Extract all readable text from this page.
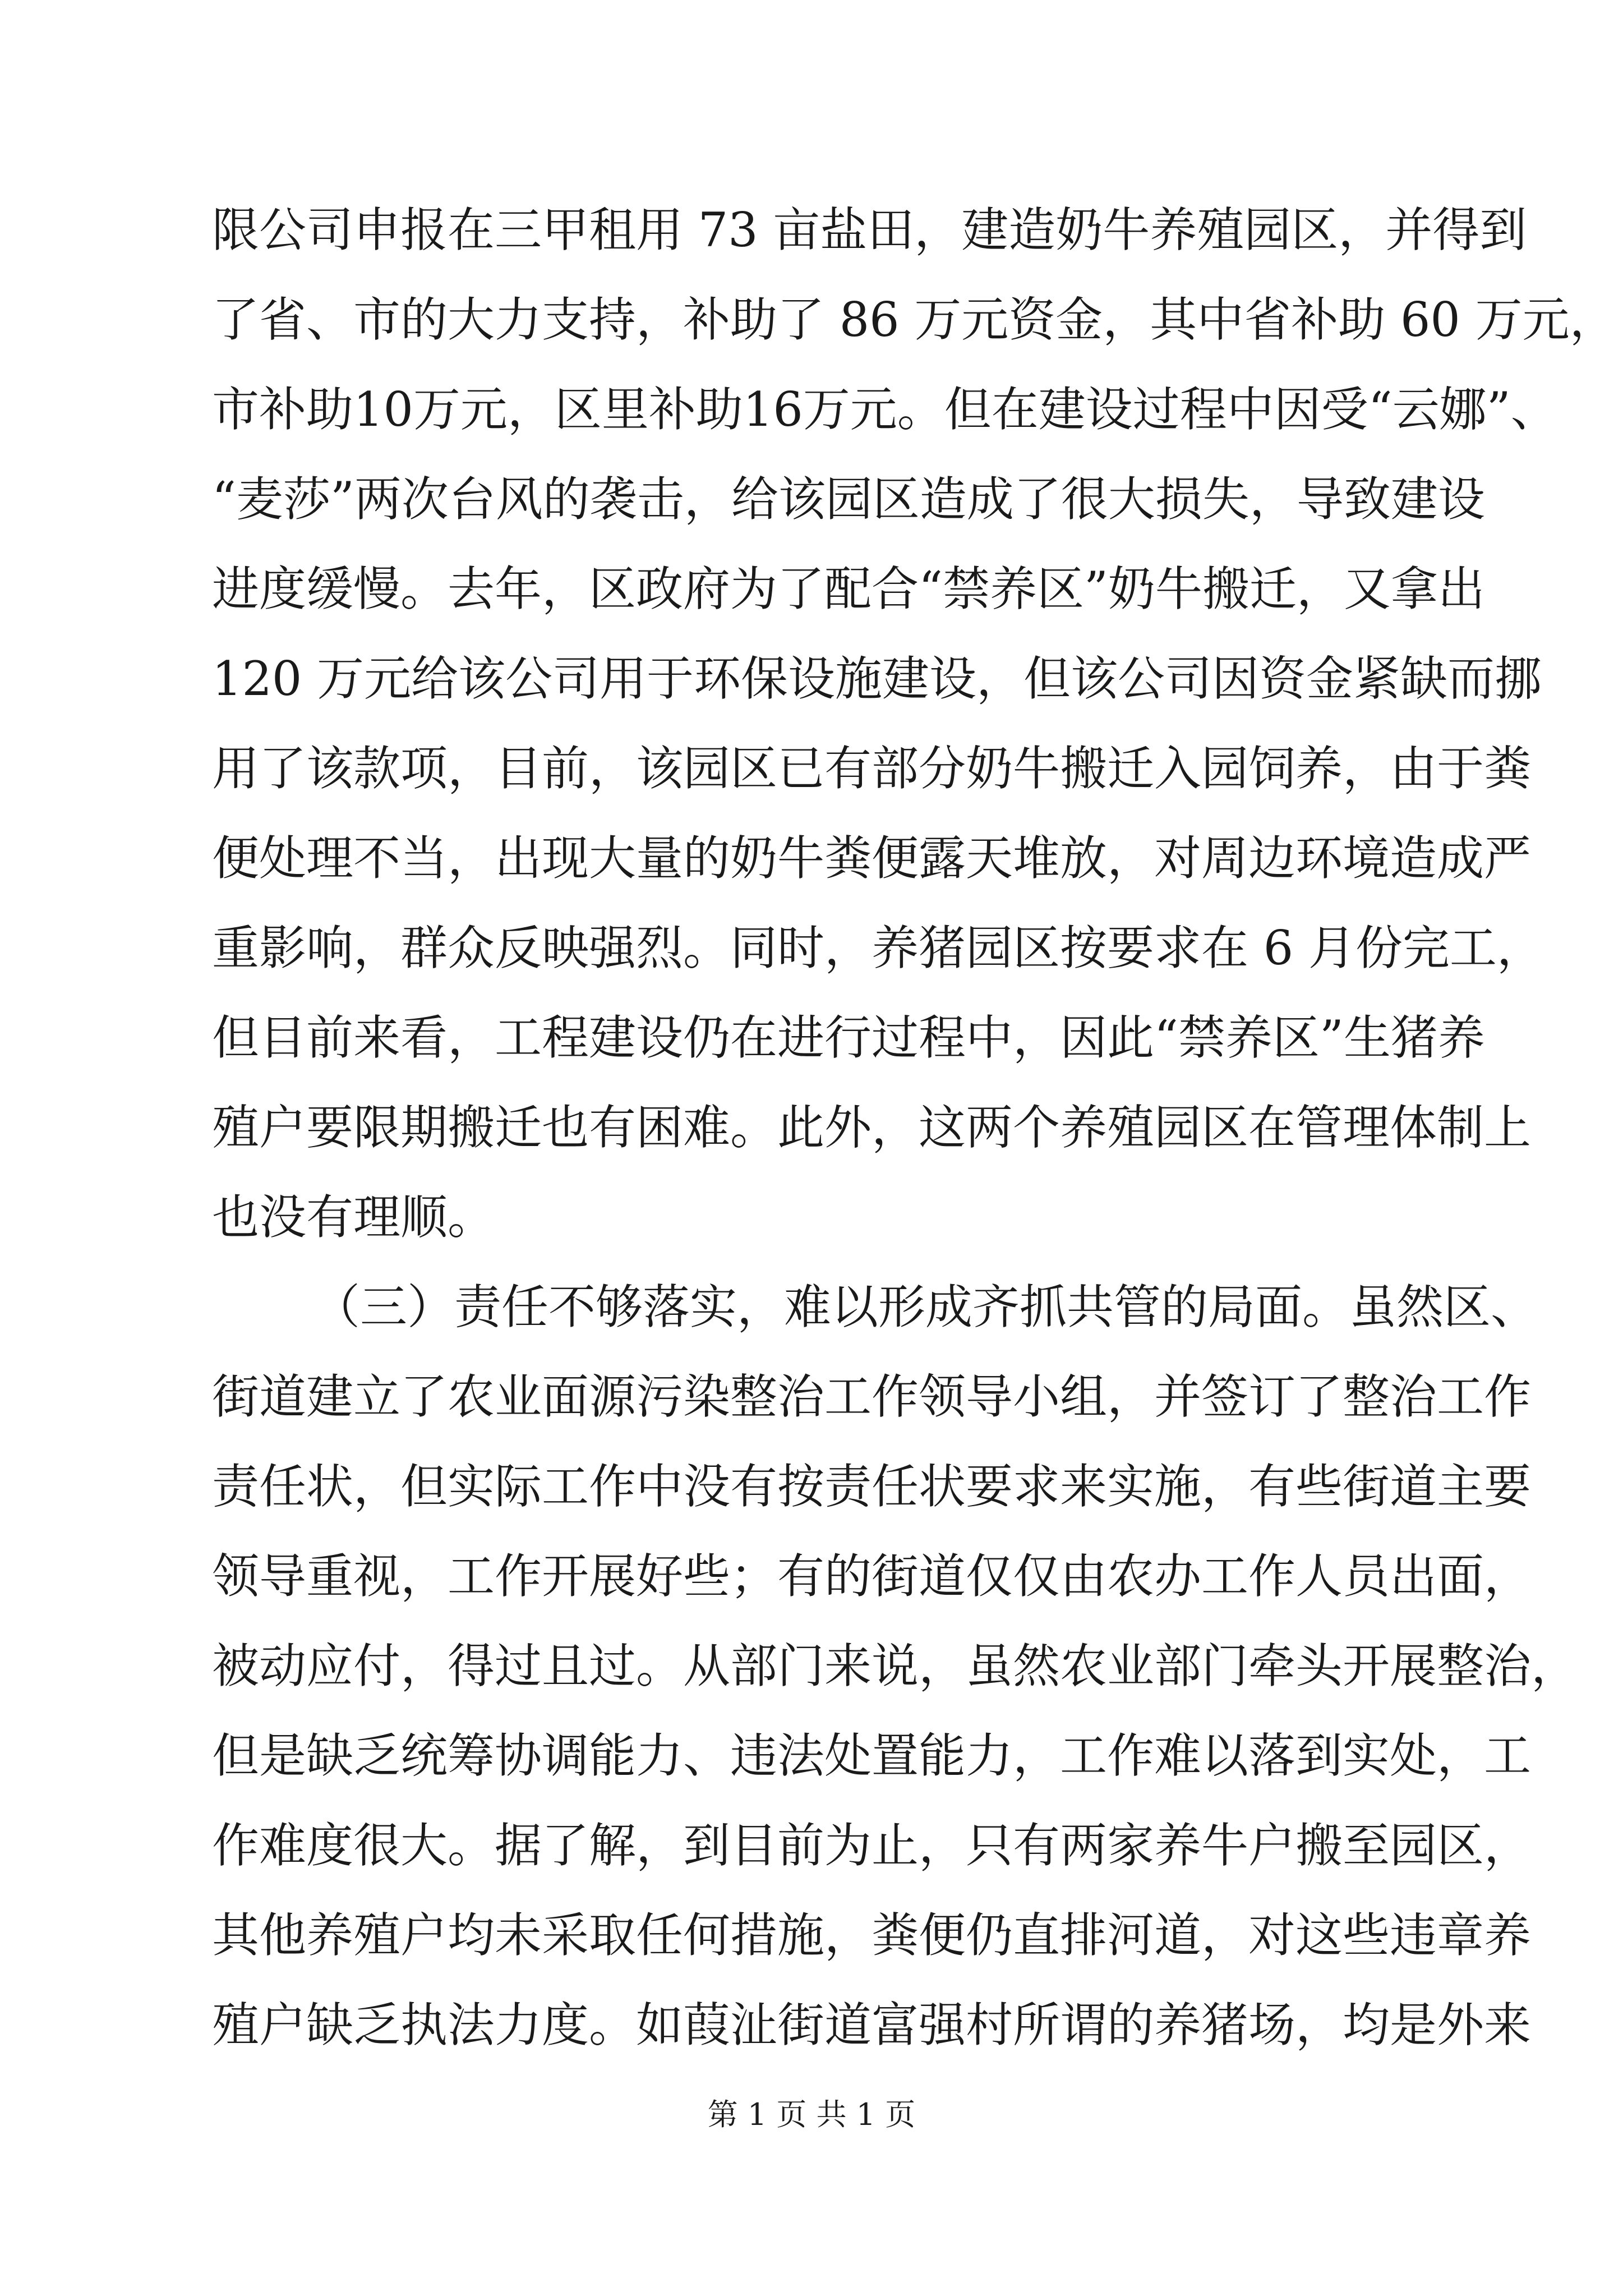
限公司申报在三甲租用 73 亩盐田，建造奶牛养殖园区，并得到
了省、市的大力支持，补助了 86 万元资金，其中省补助 60 万元，
市补助10万元，区里补助16万元。但在建设过程中因受“云娜”、
“麦莎”两次台风的袭击，给该园区造成了很大损失，导致建设
进度缓慢。去年，区政府为了配合“禁养区”奶牛搬迁，又拿出
120 万元给该公司用于环保设施建设，但该公司因资金紧缺而挪
用了该款项，目前，该园区已有部分奶牛搬迁入园饲养，由于粪
便处理不当，出现大量的奶牛粪便露天堆放，对周边环境造成严
重影响，群众反映强烈。同时，养猪园区按要求在 6 月份完工，
但目前来看，工程建设仍在进行过程中，因此“禁养区”生猪养
殖户要限期搬迁也有困难。此外，这两个养殖园区在管理体制上
也没有理顺。
（三）责任不够落实，难以形成齐抓共管的局面。虽然区、
街道建立了农业面源污染整治工作领导小组，并签订了整治工作
责任状，但实际工作中没有按责任状要求来实施，有些街道主要
领导重视，工作开展好些；有的街道仅仅由农办工作人员出面，
被动应付，得过且过。从部门来说，虽然农业部门牵头开展整治，
但是缺乏统筹协调能力、违法处置能力，工作难以落到实处，工
作难度很大。据了解，到目前为止，只有两家养牛户搬至园区，
其他养殖户均未采取任何措施，粪便仍直排河道，对这些违章养
殖户缺乏执法力度。如葭沚街道富强村所谓的养猪场，均是外来
第 1 页 共 1 页
